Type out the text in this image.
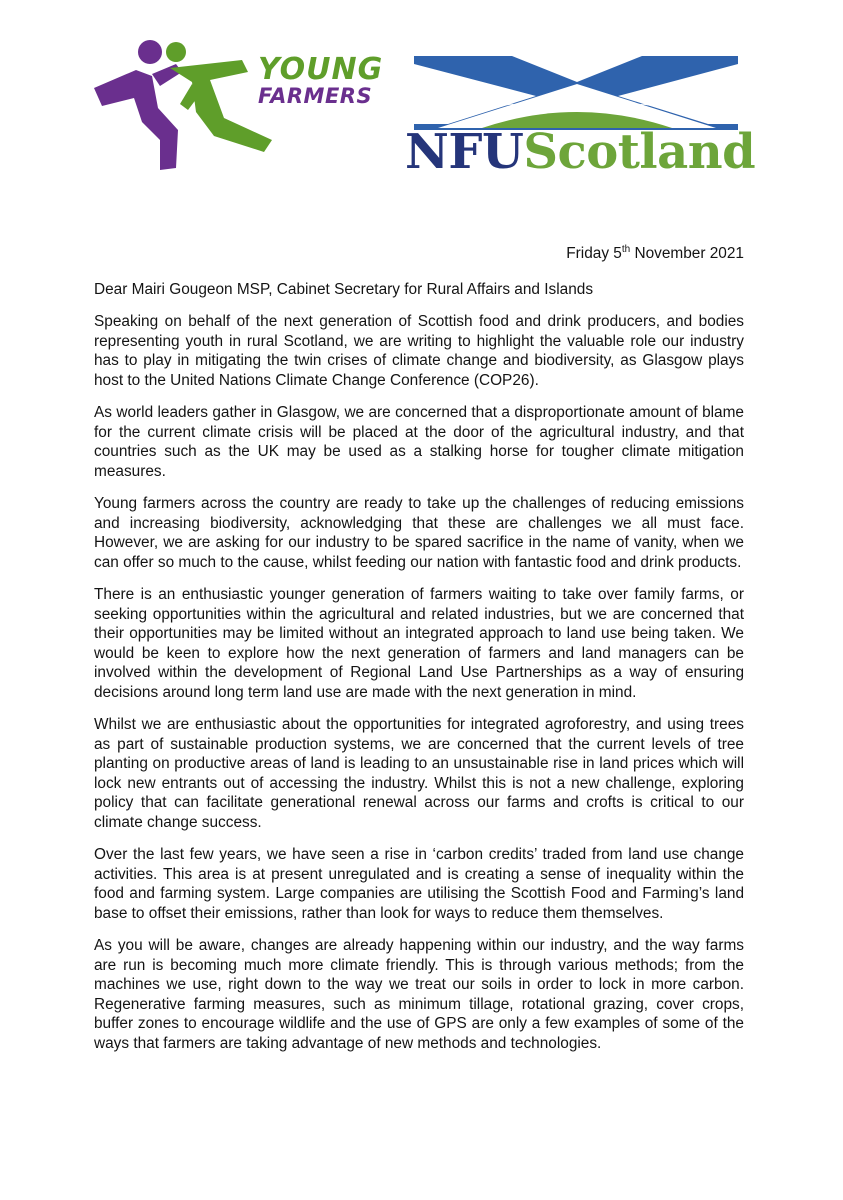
YOUNG
FARMERS
NFUScotland

Friday 5th November 2021

Dear Mairi Gougeon MSP, Cabinet Secretary for Rural Affairs and Islands

Speaking on behalf of the next generation of Scottish food and drink producers, and bodies representing youth in rural Scotland, we are writing to highlight the valuable role our industry has to play in mitigating the twin crises of climate change and biodiversity, as Glasgow plays host to the United Nations Climate Change Conference (COP26).

As world leaders gather in Glasgow, we are concerned that a disproportionate amount of blame for the current climate crisis will be placed at the door of the agricultural industry, and that countries such as the UK may be used as a stalking horse for tougher climate mitigation measures.

Young farmers across the country are ready to take up the challenges of reducing emissions and increasing biodiversity, acknowledging that these are challenges we all must face. However, we are asking for our industry to be spared sacrifice in the name of vanity, when we can offer so much to the cause, whilst feeding our nation with fantastic food and drink products.

There is an enthusiastic younger generation of farmers waiting to take over family farms, or seeking opportunities within the agricultural and related industries, but we are concerned that their opportunities may be limited without an integrated approach to land use being taken. We would be keen to explore how the next generation of farmers and land managers can be involved within the development of Regional Land Use Partnerships as a way of ensuring decisions around long term land use are made with the next generation in mind.

Whilst we are enthusiastic about the opportunities for integrated agroforestry, and using trees as part of sustainable production systems, we are concerned that the current levels of tree planting on productive areas of land is leading to an unsustainable rise in land prices which will lock new entrants out of accessing the industry. Whilst this is not a new challenge, exploring policy that can facilitate generational renewal across our farms and crofts is critical to our climate change success.

Over the last few years, we have seen a rise in ‘carbon credits’ traded from land use change activities. This area is at present unregulated and is creating a sense of inequality within the food and farming system. Large companies are utilising the Scottish Food and Farming’s land base to offset their emissions, rather than look for ways to reduce them themselves.

As you will be aware, changes are already happening within our industry, and the way farms are run is becoming much more climate friendly. This is through various methods; from the machines we use, right down to the way we treat our soils in order to lock in more carbon. Regenerative farming measures, such as minimum tillage, rotational grazing, cover crops, buffer zones to encourage wildlife and the use of GPS are only a few examples of some of the ways that farmers are taking advantage of new methods and technologies.
